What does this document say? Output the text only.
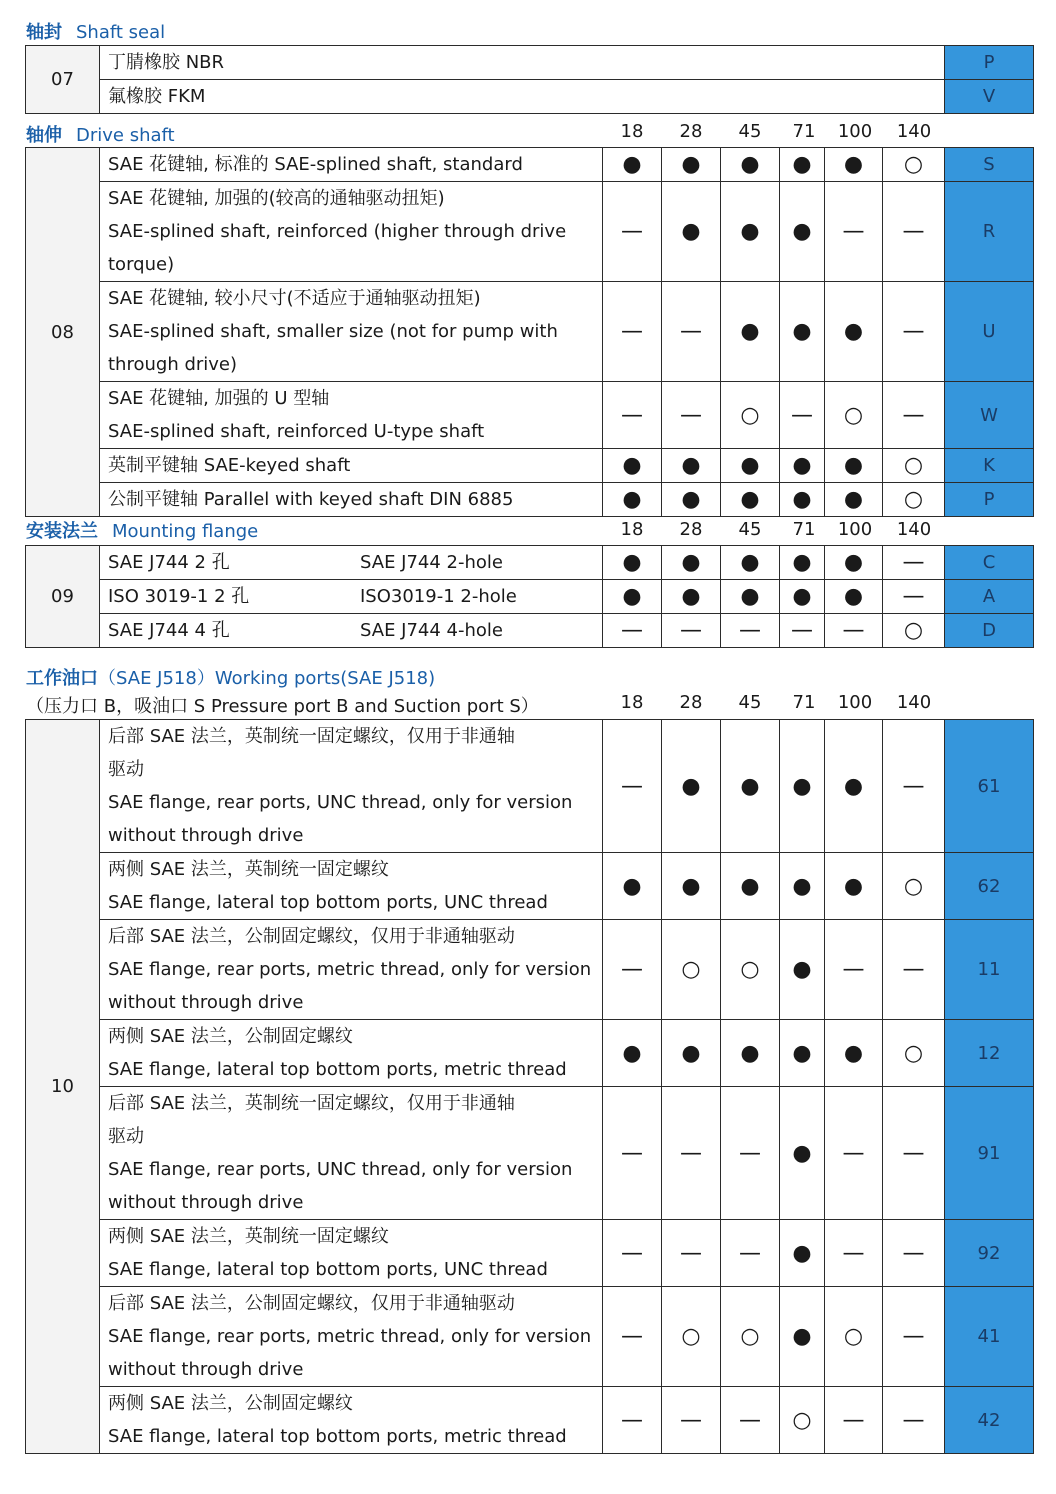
轴封 Shaft seal
07	丁腈橡胶 NBR	P
	氟橡胶 FKM	V
轴伸 Drive shaft	18	28	45	71	100	140
08	SAE 花键轴, 标准的 SAE-splined shaft, standard	●	●	●	●	●	○	S

	SAE 花键轴, 加强的(较高的通轴驱动扭矩)
SAE-splined shaft, reinforced (higher through drive
torque)	—	●	●	●	—	—	R

	SAE 花键轴, 较小尺寸(不适应于通轴驱动扭矩)
SAE-splined shaft, smaller size (not for pump with
through drive)	—	—	●	●	●	—	U

	SAE 花键轴, 加强的 U 型轴
SAE-splined shaft, reinforced U-type shaft	—	—	○	—	○	—	W

	英制平键轴 SAE-keyed shaft	●	●	●	●	●	○	K

	公制平键轴 Parallel with keyed shaft DIN 6885	●	●	●	●	●	○	P
安装法兰 Mounting flange	18	28	45	71	100	140
09	SAE J744 2 孔 SAE J744 2-hole	●	●	●	●	●	—	C
	ISO 3019-1 2 孔 ISO3019-1 2-hole	●	●	●	●	●	—	A
	SAE J744 4 孔 SAE J744 4-hole	—	—	—	—	—	○	D
工作油口（SAE J518）Working ports(SAE J518)
（压力口 B，吸油口 S Pressure port B and Suction port S）	18	28	45	71	100	140
10	后部 SAE 法兰，英制统一固定螺纹，仅用于非通轴
驱动
SAE flange, rear ports, UNC thread, only for version
without through drive	—	●	●	●	●	—	61

	两侧 SAE 法兰，英制统一固定螺纹
SAE flange, lateral top bottom ports, UNC thread	●	●	●	●	●	○	62

	后部 SAE 法兰，公制固定螺纹，仅用于非通轴驱动
SAE flange, rear ports, metric thread, only for version
without through drive	—	○	○	●	—	—	11

	两侧 SAE 法兰，公制固定螺纹
SAE flange, lateral top bottom ports, metric thread	●	●	●	●	●	○	12

	后部 SAE 法兰，英制统一固定螺纹，仅用于非通轴
驱动
SAE flange, rear ports, UNC thread, only for version
without through drive	—	—	—	●	—	—	91

	两侧 SAE 法兰，英制统一固定螺纹
SAE flange, lateral top bottom ports, UNC thread	—	—	—	●	—	—	92

	后部 SAE 法兰，公制固定螺纹，仅用于非通轴驱动
SAE flange, rear ports, metric thread, only for version
without through drive	—	○	○	●	○	—	41

	两侧 SAE 法兰，公制固定螺纹
SAE flange, lateral top bottom ports, metric thread	—	—	—	○	—	—	42
